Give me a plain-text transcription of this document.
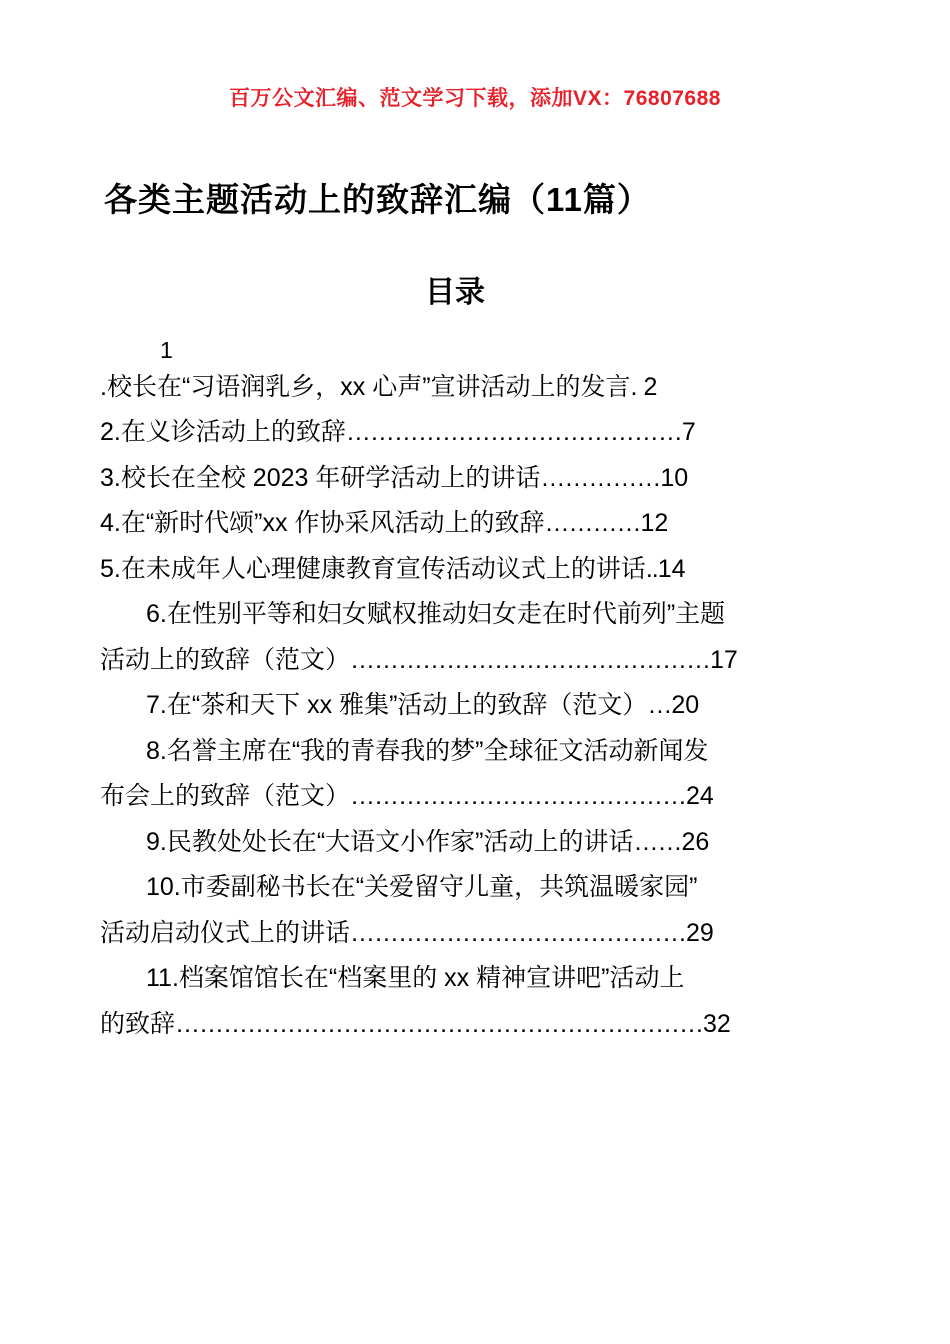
百万公文汇编、范文学习下载，添加VX：76807688
各类主题活动上的致辞汇编（11篇）
目录
1
.校长在“习语润乳乡，xx 心声”宣讲活动上的发言. 2
2.在义诊活动上的致辞……………………………………7
3.校长在全校 2023 年研学活动上的讲话……………10
4.在“新时代颂”xx 作协采风活动上的致辞…………12
5.在未成年人心理健康教育宣传活动议式上的讲话..14
6.在性别平等和妇女赋权推动妇女走在时代前列”主题
活动上的致辞（范文）………………………………………17
7.在“茶和天下 xx 雅集”活动上的致辞（范文）…20
8.名誉主席在“我的青春我的梦”全球征文活动新闻发
布会上的致辞（范文）……………………………………24
9.民教处处长在“大语文小作家”活动上的讲话……26
10.市委副秘书长在“关爱留守儿童，共筑温暖家园”
活动启动仪式上的讲话……………………………………29
11.档案馆馆长在“档案里的 xx 精神宣讲吧”活动上
的致辞…………………………………………………………32
